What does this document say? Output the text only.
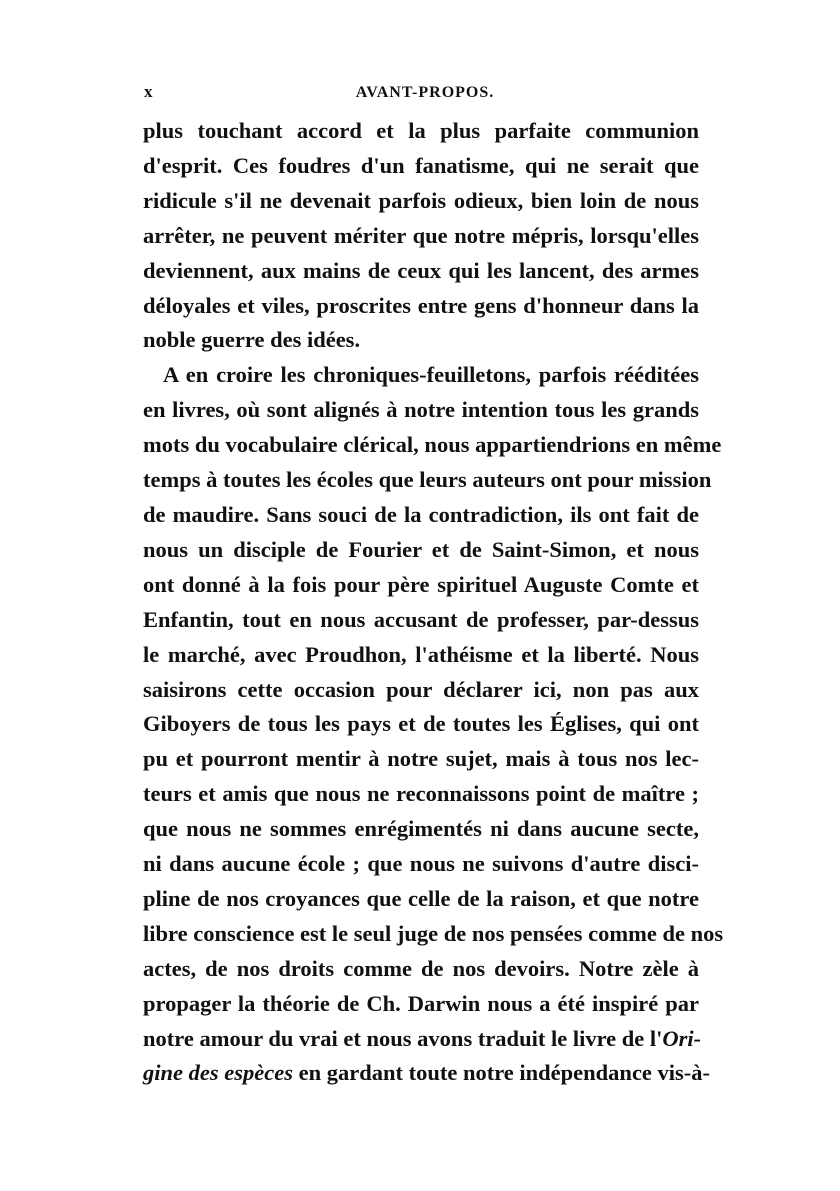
x	AVANT-PROPOS.

plus touchant accord et la plus parfaite communion
d'esprit. Ces foudres d'un fanatisme, qui ne serait que
ridicule s'il ne devenait parfois odieux, bien loin de nous
arrêter, ne peuvent mériter que notre mépris, lorsqu'elles
deviennent, aux mains de ceux qui les lancent, des armes
déloyales et viles, proscrites entre gens d'honneur dans la
noble guerre des idées.

A en croire les chroniques-feuilletons, parfois rééditées
en livres, où sont alignés à notre intention tous les grands
mots du vocabulaire clérical, nous appartiendrions en même
temps à toutes les écoles que leurs auteurs ont pour mission
de maudire. Sans souci de la contradiction, ils ont fait de
nous un disciple de Fourier et de Saint-Simon, et nous
ont donné à la fois pour père spirituel Auguste Comte et
Enfantin, tout en nous accusant de professer, par-dessus
le marché, avec Proudhon, l'athéisme et la liberté. Nous
saisirons cette occasion pour déclarer ici, non pas aux
Giboyers de tous les pays et de toutes les Églises, qui ont
pu et pourront mentir à notre sujet, mais à tous nos lec-
teurs et amis que nous ne reconnaissons point de maître ;
que nous ne sommes enrégimentés ni dans aucune secte,
ni dans aucune école ; que nous ne suivons d'autre disci-
pline de nos croyances que celle de la raison, et que notre
libre conscience est le seul juge de nos pensées comme de nos
actes, de nos droits comme de nos devoirs. Notre zèle à
propager la théorie de Ch. Darwin nous a été inspiré par
notre amour du vrai et nous avons traduit le livre de l'Ori-
gine des espèces en gardant toute notre indépendance vis-à-
